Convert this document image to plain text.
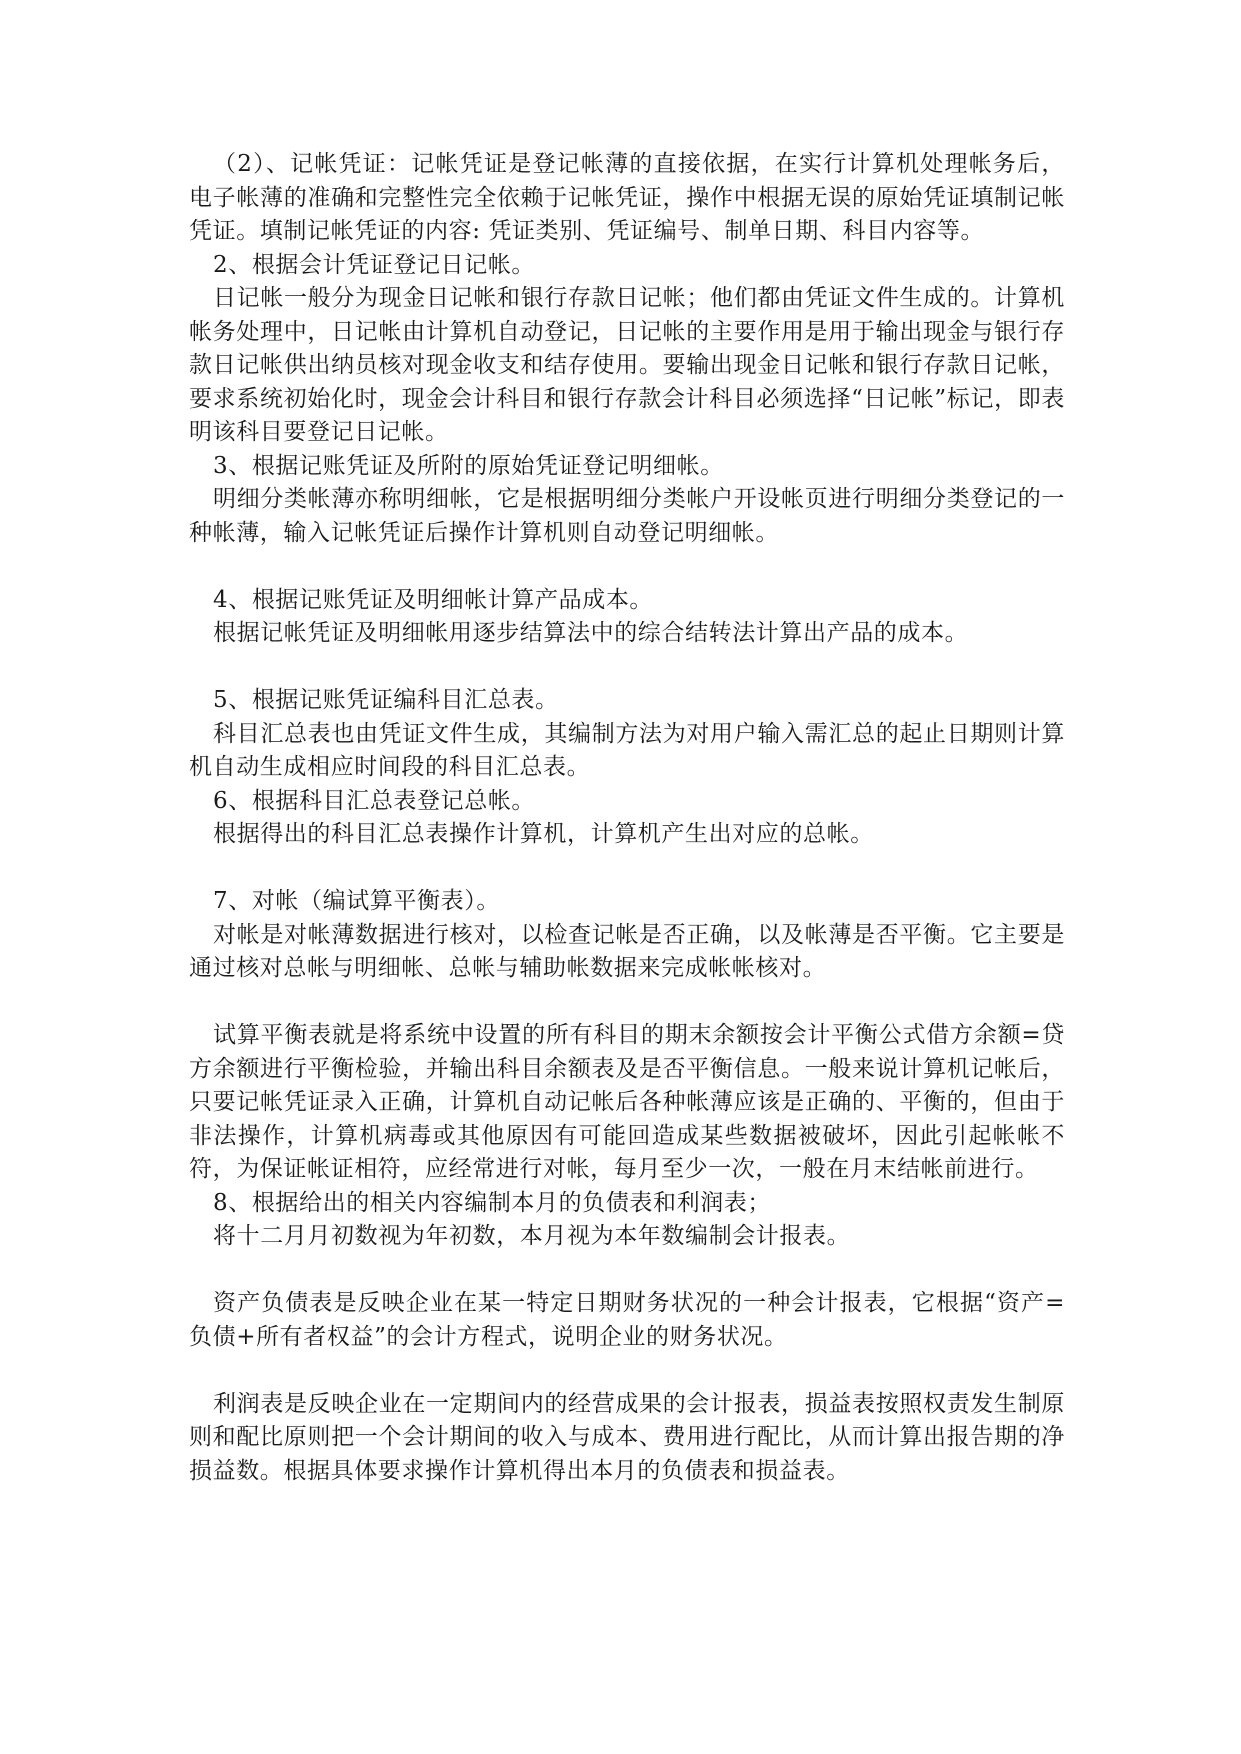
（2）、记帐凭证：记帐凭证是登记帐薄的直接依据，在实行计算机处理帐务后，电子帐薄的准确和完整性完全依赖于记帐凭证，操作中根据无误的原始凭证填制记帐凭证。填制记帐凭证的内容: 凭证类别、凭证编号、制单日期、科目内容等。

2、根据会计凭证登记日记帐。

日记帐一般分为现金日记帐和银行存款日记帐；他们都由凭证文件生成的。计算机帐务处理中，日记帐由计算机自动登记，日记帐的主要作用是用于输出现金与银行存款日记帐供出纳员核对现金收支和结存使用。要输出现金日记帐和银行存款日记帐，要求系统初始化时，现金会计科目和银行存款会计科目必须选择“日记帐”标记，即表明该科目要登记日记帐。

3、根据记账凭证及所附的原始凭证登记明细帐。

明细分类帐薄亦称明细帐，它是根据明细分类帐户开设帐页进行明细分类登记的一种帐薄，输入记帐凭证后操作计算机则自动登记明细帐。

4、根据记账凭证及明细帐计算产品成本。

根据记帐凭证及明细帐用逐步结算法中的综合结转法计算出产品的成本。

5、根据记账凭证编科目汇总表。

科目汇总表也由凭证文件生成，其编制方法为对用户输入需汇总的起止日期则计算机自动生成相应时间段的科目汇总表。

6、根据科目汇总表登记总帐。

根据得出的科目汇总表操作计算机，计算机产生出对应的总帐。

7、对帐（编试算平衡表）。

对帐是对帐薄数据进行核对，以检查记帐是否正确，以及帐薄是否平衡。它主要是通过核对总帐与明细帐、总帐与辅助帐数据来完成帐帐核对。

试算平衡表就是将系统中设置的所有科目的期末余额按会计平衡公式借方余额=贷方余额进行平衡检验，并输出科目余额表及是否平衡信息。一般来说计算机记帐后，只要记帐凭证录入正确，计算机自动记帐后各种帐薄应该是正确的、平衡的，但由于非法操作，计算机病毒或其他原因有可能回造成某些数据被破坏，因此引起帐帐不符，为保证帐证相符，应经常进行对帐，每月至少一次，一般在月末结帐前进行。

8、根据给出的相关内容编制本月的负债表和利润表；

将十二月月初数视为年初数，本月视为本年数编制会计报表。

资产负债表是反映企业在某一特定日期财务状况的一种会计报表，它根据“资产=负债+所有者权益”的会计方程式，说明企业的财务状况。

利润表是反映企业在一定期间内的经营成果的会计报表，损益表按照权责发生制原则和配比原则把一个会计期间的收入与成本、费用进行配比，从而计算出报告期的净损益数。根据具体要求操作计算机得出本月的负债表和损益表。
